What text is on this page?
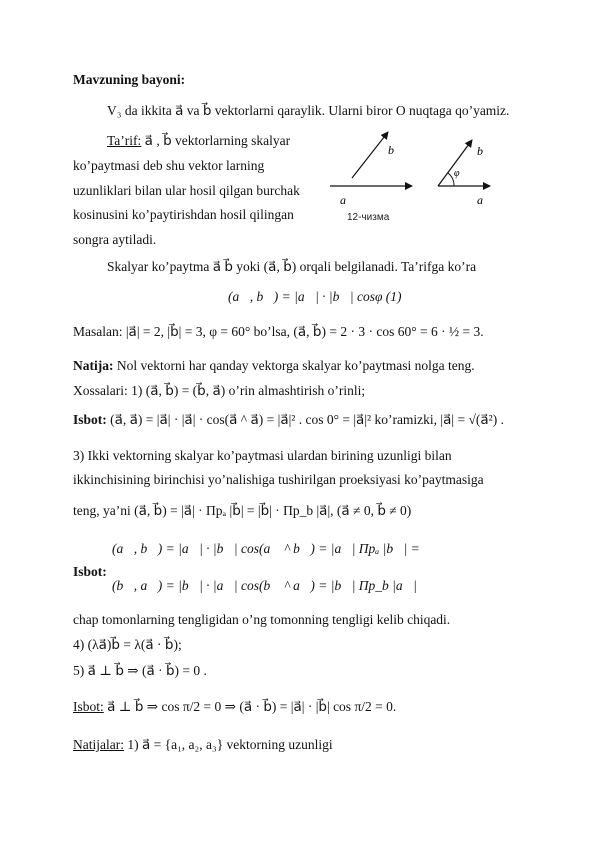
Mavzuning bayoni:
V₃ da ikkita a⃗ va b⃗ vektorlarni qaraylik. Ularni biror O nuqtaga qo’yamiz.
Ta’rif: a⃗ , b⃗ vektorlarning skalyar
ko’paytmasi deb shu vektor larning
uzunliklari bilan ular hosil qilgan burchak
kosinusini ko’paytirishdan hosil qilingan
songra aytiladi.
b
a
φ
b
a
12-чизма
Skalyar ko’paytma a⃗ b⃗ yoki (a⃗, b⃗) orqali belgilanadi. Ta’rifga ko’ra
(a⃗, b⃗) = |a⃗| · |b⃗| cosφ (1)
Masalan: |a⃗| = 2, |b⃗| = 3, φ = 60° bo’lsa, (a⃗, b⃗) = 2 · 3 · cos 60° = 6 · ½ = 3.
Natija: Nol vektorni har qanday vektorga skalyar ko’paytmasi nolga teng.
Xossalari: 1) (a⃗, b⃗) = (b⃗, a⃗) o’rin almashtirish o’rinli;
Isbot: (a⃗, a⃗) = |a⃗| · |a⃗| · cos(a⃗ ^ a⃗) = |a⃗|² . cos 0° = |a⃗|² ko’ramizki, |a⃗| = √(a⃗²) .
3) Ikki vektorning skalyar ko’paytmasi ulardan birining uzunligi bilan
ikkinchisining birinchisi yo’nalishiga tushirilgan proeksiyasi ko’paytmasiga
teng, ya’ni (a⃗, b⃗) = |a⃗| · Прₐ |b⃗| = |b⃗| · Пр_b |a⃗|, (a⃗ ≠ 0, b⃗ ≠ 0)
(a⃗, b⃗) = |a⃗| · |b⃗| cos(a⃗ ^ b⃗) = |a⃗| Прₐ |b⃗| =
Isbot:
(b⃗, a⃗) = |b⃗| · |a⃗| cos(b⃗ ^ a⃗) = |b⃗| Пр_b |a⃗|
chap tomonlarning tengligidan o’ng tomonning tengligi kelib chiqadi.
4) (λa⃗)b⃗ = λ(a⃗ · b⃗);
5) a⃗ ⊥ b⃗ ⇒ (a⃗ · b⃗) = 0 .
Isbot: a⃗ ⊥ b⃗ ⇒ cos π/2 = 0 ⇒ (a⃗ · b⃗) = |a⃗| · |b⃗| cos π/2 = 0.
Natijalar: 1) a⃗ = {a₁, a₂, a₃} vektorning uzunligi
